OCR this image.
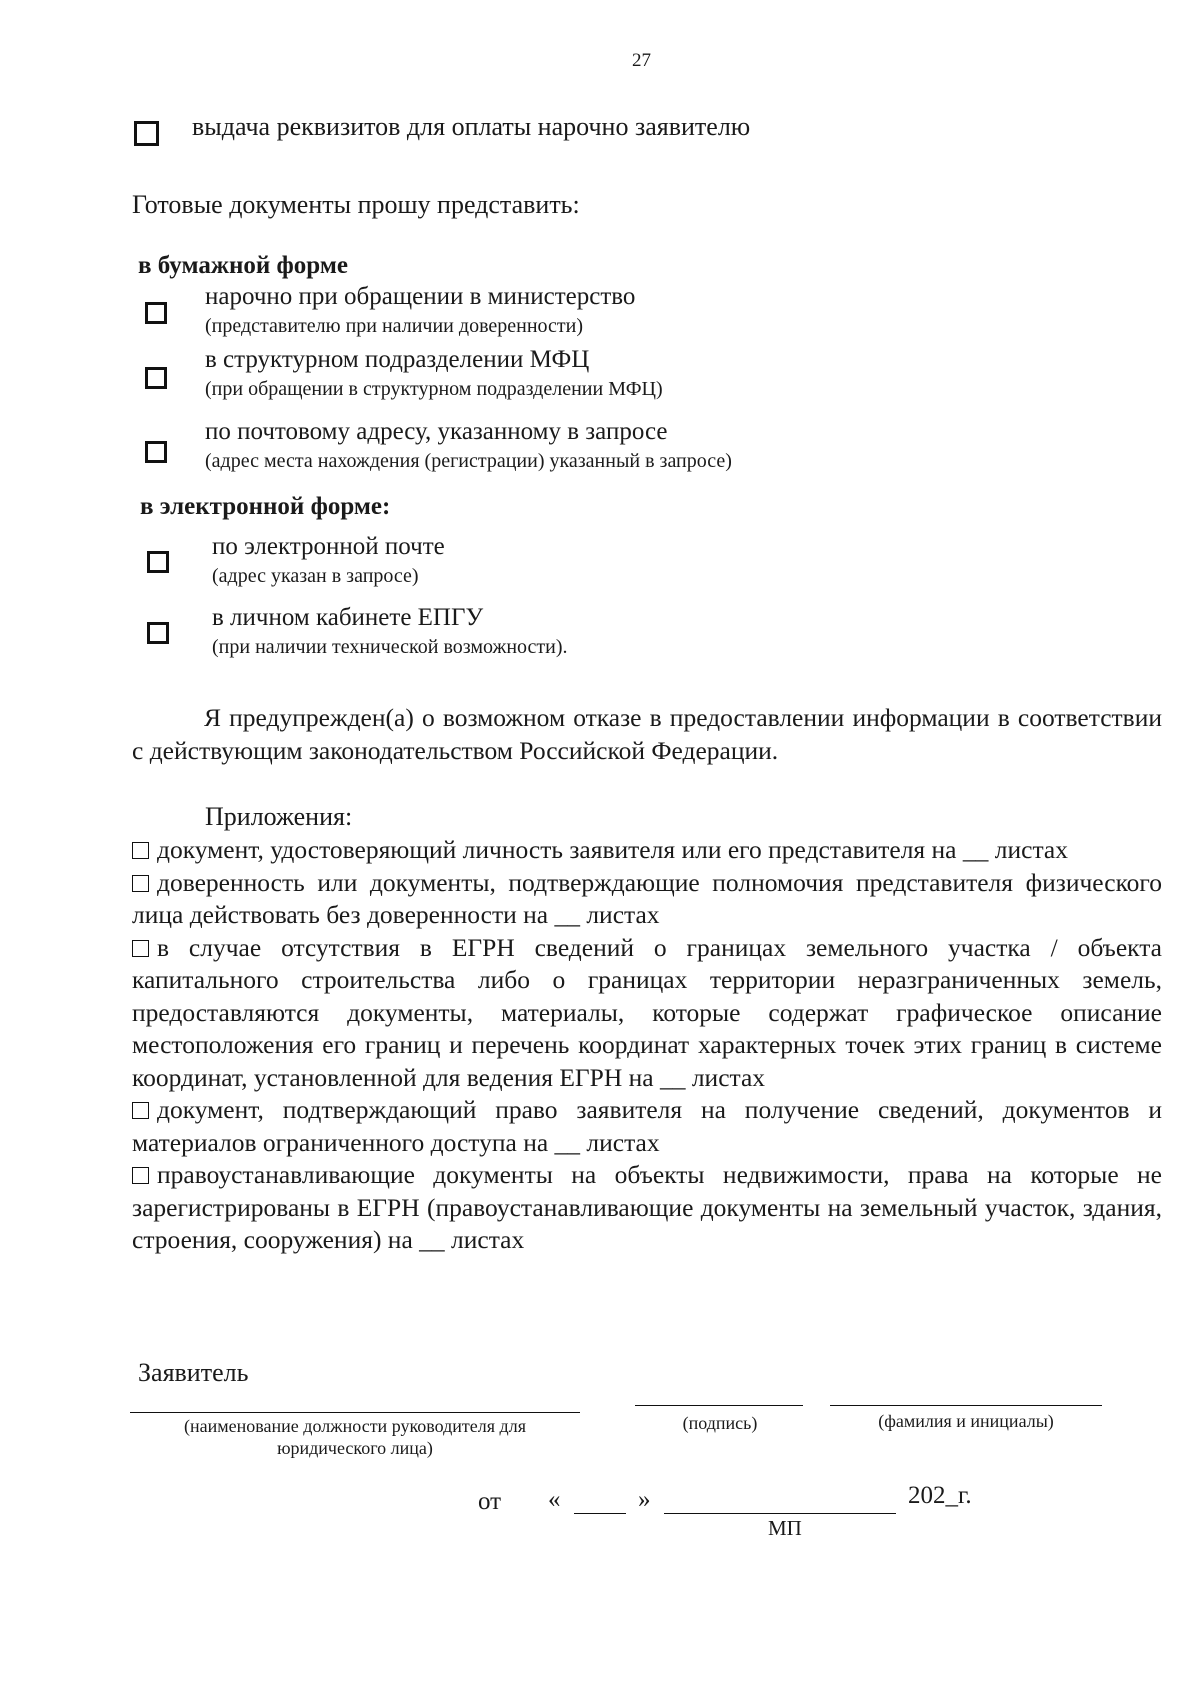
27
выдача реквизитов для оплаты нарочно заявителю
Готовые документы прошу представить:
в бумажной форме
нарочно при обращении в министерство
(представителю при наличии доверенности)
в структурном подразделении МФЦ
(при обращении в структурном подразделении МФЦ)
по почтовому адресу, указанному в запросе
(адрес места нахождения (регистрации) указанный в запросе)
в электронной форме:
по электронной почте
(адрес указан в запросе)
в личном кабинете ЕПГУ
(при наличии технической возможности).
Я предупрежден(а) о возможном отказе в предоставлении информации в соответствии с действующим законодательством Российской Федерации.
Приложения:
документ, удостоверяющий личность заявителя или его представителя на __ листах
доверенность или документы, подтверждающие полномочия представителя физического лица действовать без доверенности на __ листах
в случае отсутствия в ЕГРН сведений о границах земельного участка / объекта капитального строительства либо о границах территории неразграниченных земель, предоставляются документы, материалы, которые содержат графическое описание местоположения его границ и перечень координат характерных точек этих границ в системе координат, установленной для ведения ЕГРН на __ листах
документ, подтверждающий право заявителя на получение сведений, документов и материалов ограниченного доступа на __ листах
правоустанавливающие документы на объекты недвижимости, права на которые не зарегистрированы в ЕГРН (правоустанавливающие документы на земельный участок, здания, строения, сооружения) на __ листах
Заявитель
(наименование должности руководителя для юридического лица)
(подпись)	(фамилия и инициалы)
от «	»	202_г.
МП
